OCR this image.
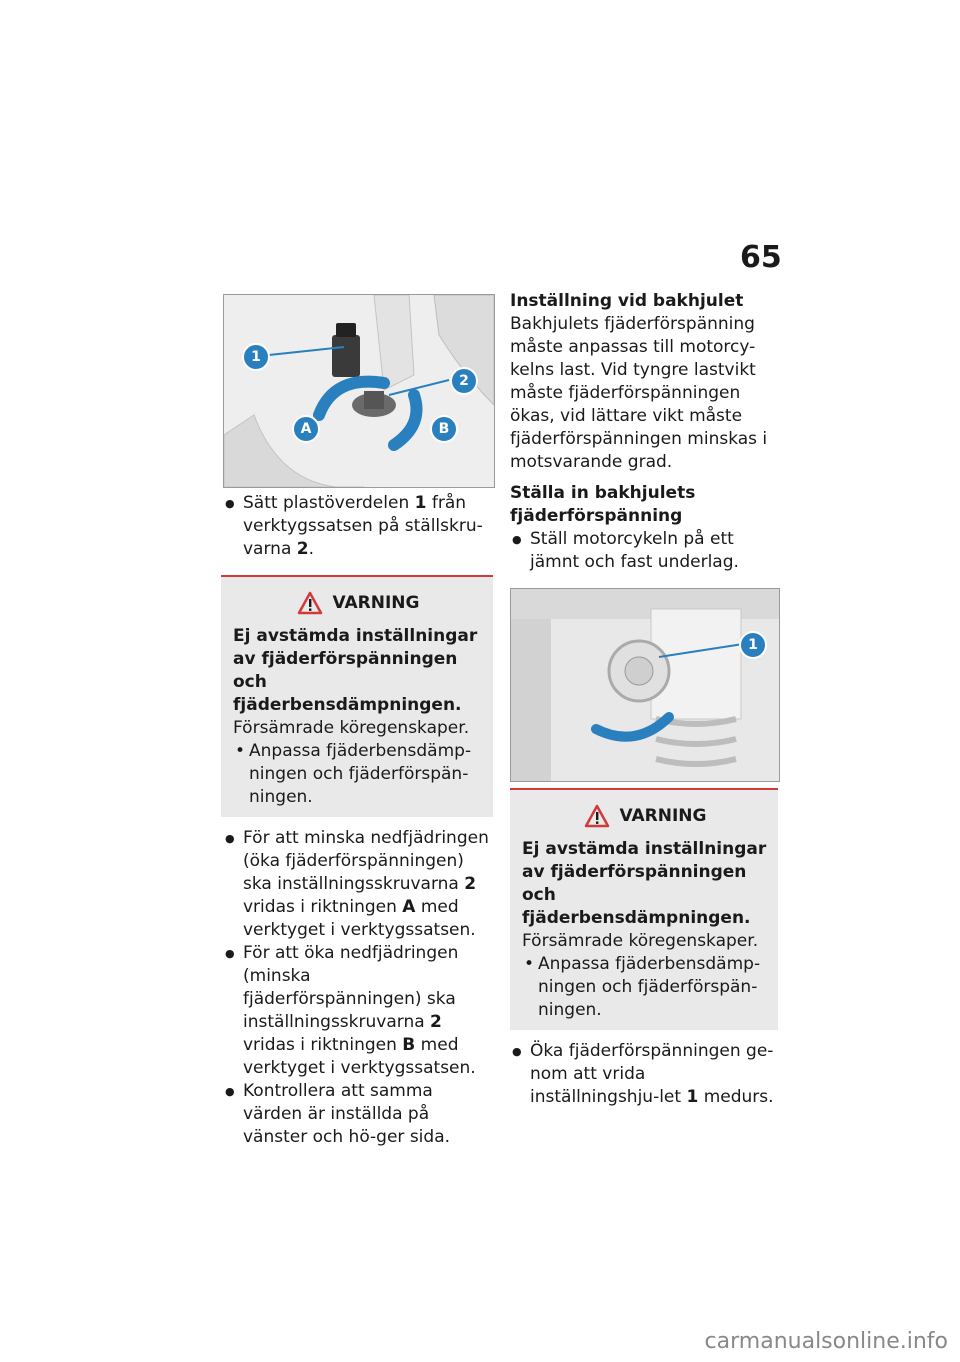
65
1
2
A	B

● Sätt plastöverdelen 1 från verktygssatsen på ställskru-varna 2.

VARNING

Ej avstämda inställningar av fjäderförspänningen och fjäderbensdämpningen.

Försämrade köregenskaper.

• Anpassa fjäderbensdämp-ningen och fjäderförspän-ningen.

● För att minska nedfjädringen (öka fjäderförspänningen) ska inställningsskruvarna 2 vridas i riktningen A med verktyget i verktygssatsen.

● För att öka nedfjädringen (minska fjäderförspänningen) ska inställningsskruvarna 2 vridas i riktningen B med verktyget i verktygssatsen.

● Kontrollera att samma värden är inställda på vänster och hö-ger sida.

Inställning vid bakhjulet

Bakhjulets fjäderförspänning måste anpassas till motorcy-kelns last. Vid tyngre lastvikt måste fjäderförspänningen ökas, vid lättare vikt måste fjäderförspänningen minskas i motsvarande grad.

Ställa in bakhjulets fjäderförspänning

● Ställ motorcykeln på ett jämnt och fast underlag.

1
VARNING

Ej avstämda inställningar av fjäderförspänningen och fjäderbensdämpningen.

Försämrade köregenskaper.

• Anpassa fjäderbensdämp-ningen och fjäderförspän-ningen.

● Öka fjäderförspänningen ge-nom att vrida inställningshju-let 1 medurs.

carmanualsonline.info
